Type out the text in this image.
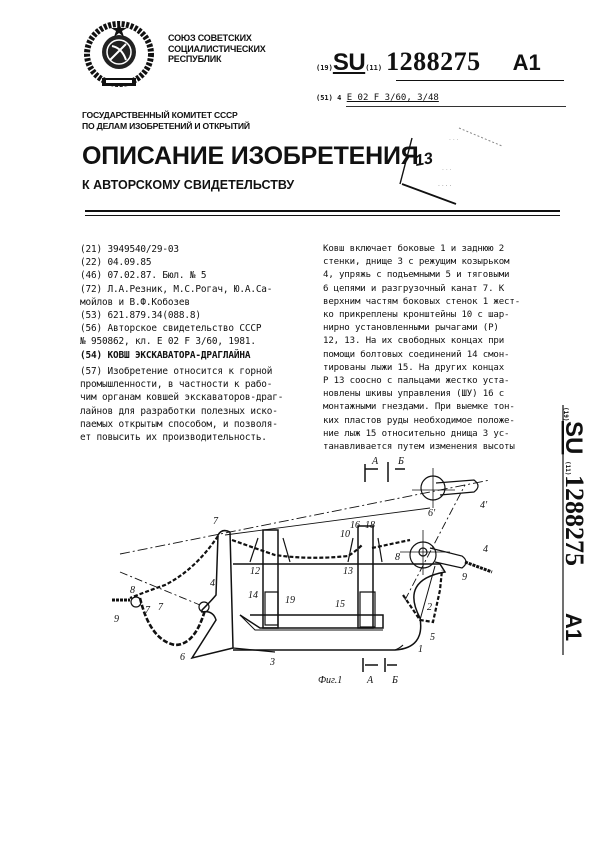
СОЮЗ СОВЕТСКИХ
СОЦИАЛИСТИЧЕСКИХ
РЕСПУБЛИК
ГОСУДАРСТВЕННЫЙ КОМИТЕТ СССР
ПО ДЕЛАМ ИЗОБРЕТЕНИЙ И ОТКРЫТИЙ
(19)SU(11) 1288275 A1
(51) 4 E 02 F 3/60, 3/48
ОПИСАНИЕ ИЗОБРЕТЕНИЯ
К АВТОРСКОМУ СВИДЕТЕЛЬСТВУ
13
· · ·
· · ·
· · · ·
(21) 3949540/29-03
(22) 04.09.85
(46) 07.02.87. Бюл. № 5
(72) Л.А.Резник, М.С.Рогач, Ю.А.Са-
мойлов и В.Ф.Кобозев
(53) 621.879.34(088.8)
(56) Авторское свидетельство СССР
№ 950862, кл. Е 02 F 3/60, 1981.
(54) КОВШ ЭКСКАВАТОРА-ДРАГЛАЙНА
(57) Изобретение относится к горной
промышленности, в частности к рабо-
чим органам ковшей экскаваторов-драг-
лайнов для разработки полезных иско-
паемых открытым способом, и позволя-
ет повысить их производительность.
Ковш включает боковые 1 и заднюю 2
стенки, днище 3 с режущим козырьком
4, упряжь с подъемными 5 и тяговыми
6 цепями и разгрузочный канат 7. К
верхним частям боковых стенок 1 жест-
ко прикреплены кронштейны 10 с шар-
нирно установленными рычагами (Р)
12, 13. На их свободных концах при
помощи болтовых соединений 14 смон-
тированы лыжи 15. На других концах
Р 13 соосно с пальцами жестко уста-
новлены шкивы управления (ШУ) 16 с
монтажными гнездами. При выемке тон-
ких пластов руды необходимое положе-
ние лыж 15 относительно днища 3 ус-
танавливается путем изменения высоты
(19)
SU
(11)
1288275
A1
1
3
4
4'
5
6
6'
7
7
8
8
9
9
10
12	13
14
15
16 18
19
2
4
7
А Б
А Б
Фиг.1
